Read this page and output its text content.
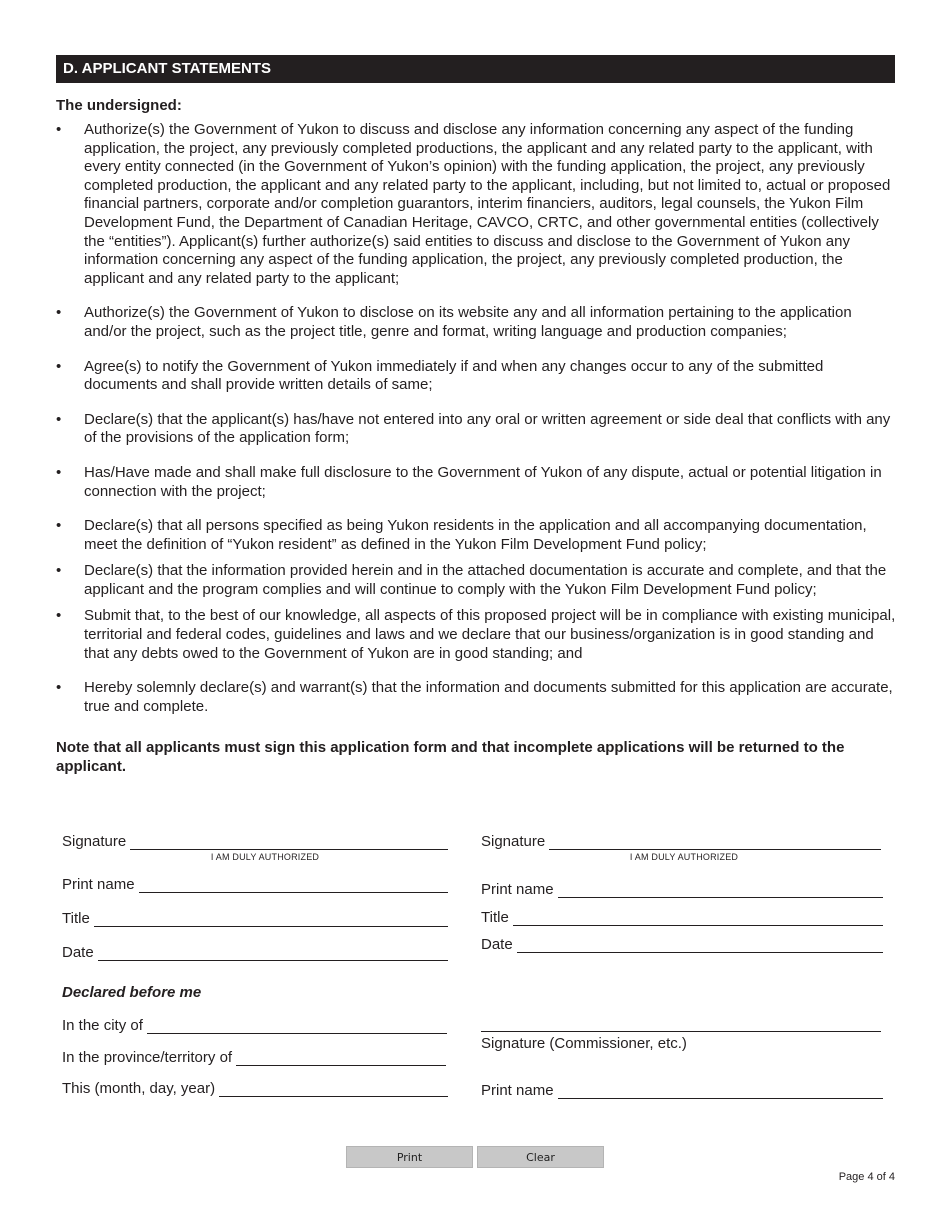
D. APPLICANT STATEMENTS
The undersigned:
• Authorize(s) the Government of Yukon to discuss and disclose any information concerning any aspect of the funding application, the project, any previously completed productions, the applicant and any related party to the applicant, with every entity connected (in the Government of Yukon’s opinion) with the funding application, the project, any previously completed production, the applicant and any related party to the applicant, including, but not limited to, actual or proposed financial partners, corporate and/or completion guarantors, interim financiers, auditors, legal counsels, the Yukon Film Development Fund, the Department of Canadian Heritage, CAVCO, CRTC, and other governmental entities (collectively the “entities”). Applicant(s) further authorize(s) said entities to discuss and disclose to the Government of Yukon any information concerning any aspect of the funding application, the project, any previously completed production, the applicant and any related party to the applicant;
• Authorize(s) the Government of Yukon to disclose on its website any and all information pertaining to the application and/or the project, such as the project title, genre and format, writing language and production companies;
• Agree(s) to notify the Government of Yukon immediately if and when any changes occur to any of the submitted documents and shall provide written details of same;
• Declare(s) that the applicant(s) has/have not entered into any oral or written agreement or side deal that conflicts with any of the provisions of the application form;
• Has/Have made and shall make full disclosure to the Government of Yukon of any dispute, actual or potential litigation in connection with the project;
• Declare(s) that all persons specified as being Yukon residents in the application and all accompanying documentation, meet the definition of “Yukon resident” as defined in the Yukon Film Development Fund policy;
• Declare(s) that the information provided herein and in the attached documentation is accurate and complete, and that the applicant and the program complies and will continue to comply with the Yukon Film Development Fund policy;
• Submit that, to the best of our knowledge, all aspects of this proposed project will be in compliance with existing municipal, territorial and federal codes, guidelines and laws and we declare that our business/organization is in good standing and that any debts owed to the Government of Yukon are in good standing; and
• Hereby solemnly declare(s) and warrant(s) that the information and documents submitted for this application are accurate, true and complete.
Note that all applicants must sign this application form and that incomplete applications will be returned to the applicant.
Signature
I AM DULY AUTHORIZED
Print name
Title
Date
Signature
I AM DULY AUTHORIZED
Print name
Title
Date
Declared before me
In the city of
In the province/territory of
This (month, day, year)
Signature (Commissioner, etc.)
Print name
Print	Clear
Page 4 of 4
